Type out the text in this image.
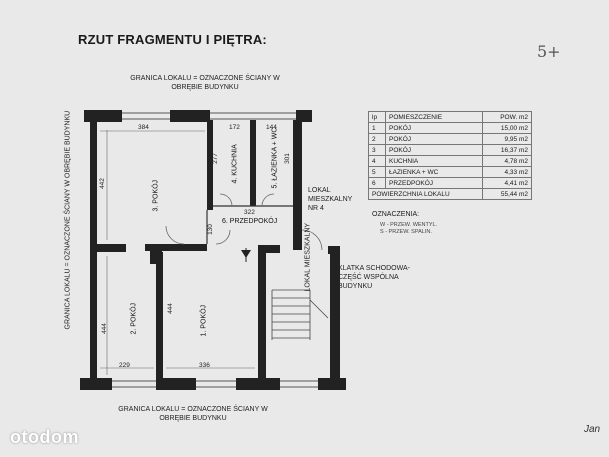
RZUT FRAGMENTU I PIĘTRA:
5+
GRANICA LOKALU = OZNACZONE ŚCIANY W OBRĘBIE BUDYNKU
GRANICA LOKALU = OZNACZONE ŚCIANY W OBRĘBIE BUDYNKU	3. POKÓJ
4. KUCHNIA	5. ŁAZIENKA + WC
6. PRZEDPOKÓJ
2. POKÓJ	1. POKÓJ
384	172	144
442
277	301
322
130
444
444
229	336
LOKAL MIESZKALNY NR 4
LOKAL MIESZKALNY	KLATKA SCHODOWA- CZĘŚĆ WSPÓLNA BUDYNKU
GRANICA LOKALU = OZNACZONE ŚCIANY W OBRĘBIE BUDYNKU
lp	POMIESZCZENIE	POW. m2
1	POKÓJ	15,00 m2
2	POKÓJ	9,95 m2
3	POKÓJ	16,37 m2
4	KUCHNIA	4,78 m2
5	ŁAZIENKA + WC	4,33 m2
6	PRZEDPOKÓJ	4,41 m2
POWIERZCHNIA LOKALU		55,44 m2
OZNACZENIA:
W - PRZEW. WENTYL.
S - PRZEW. SPALIN.
otodom	Jan
